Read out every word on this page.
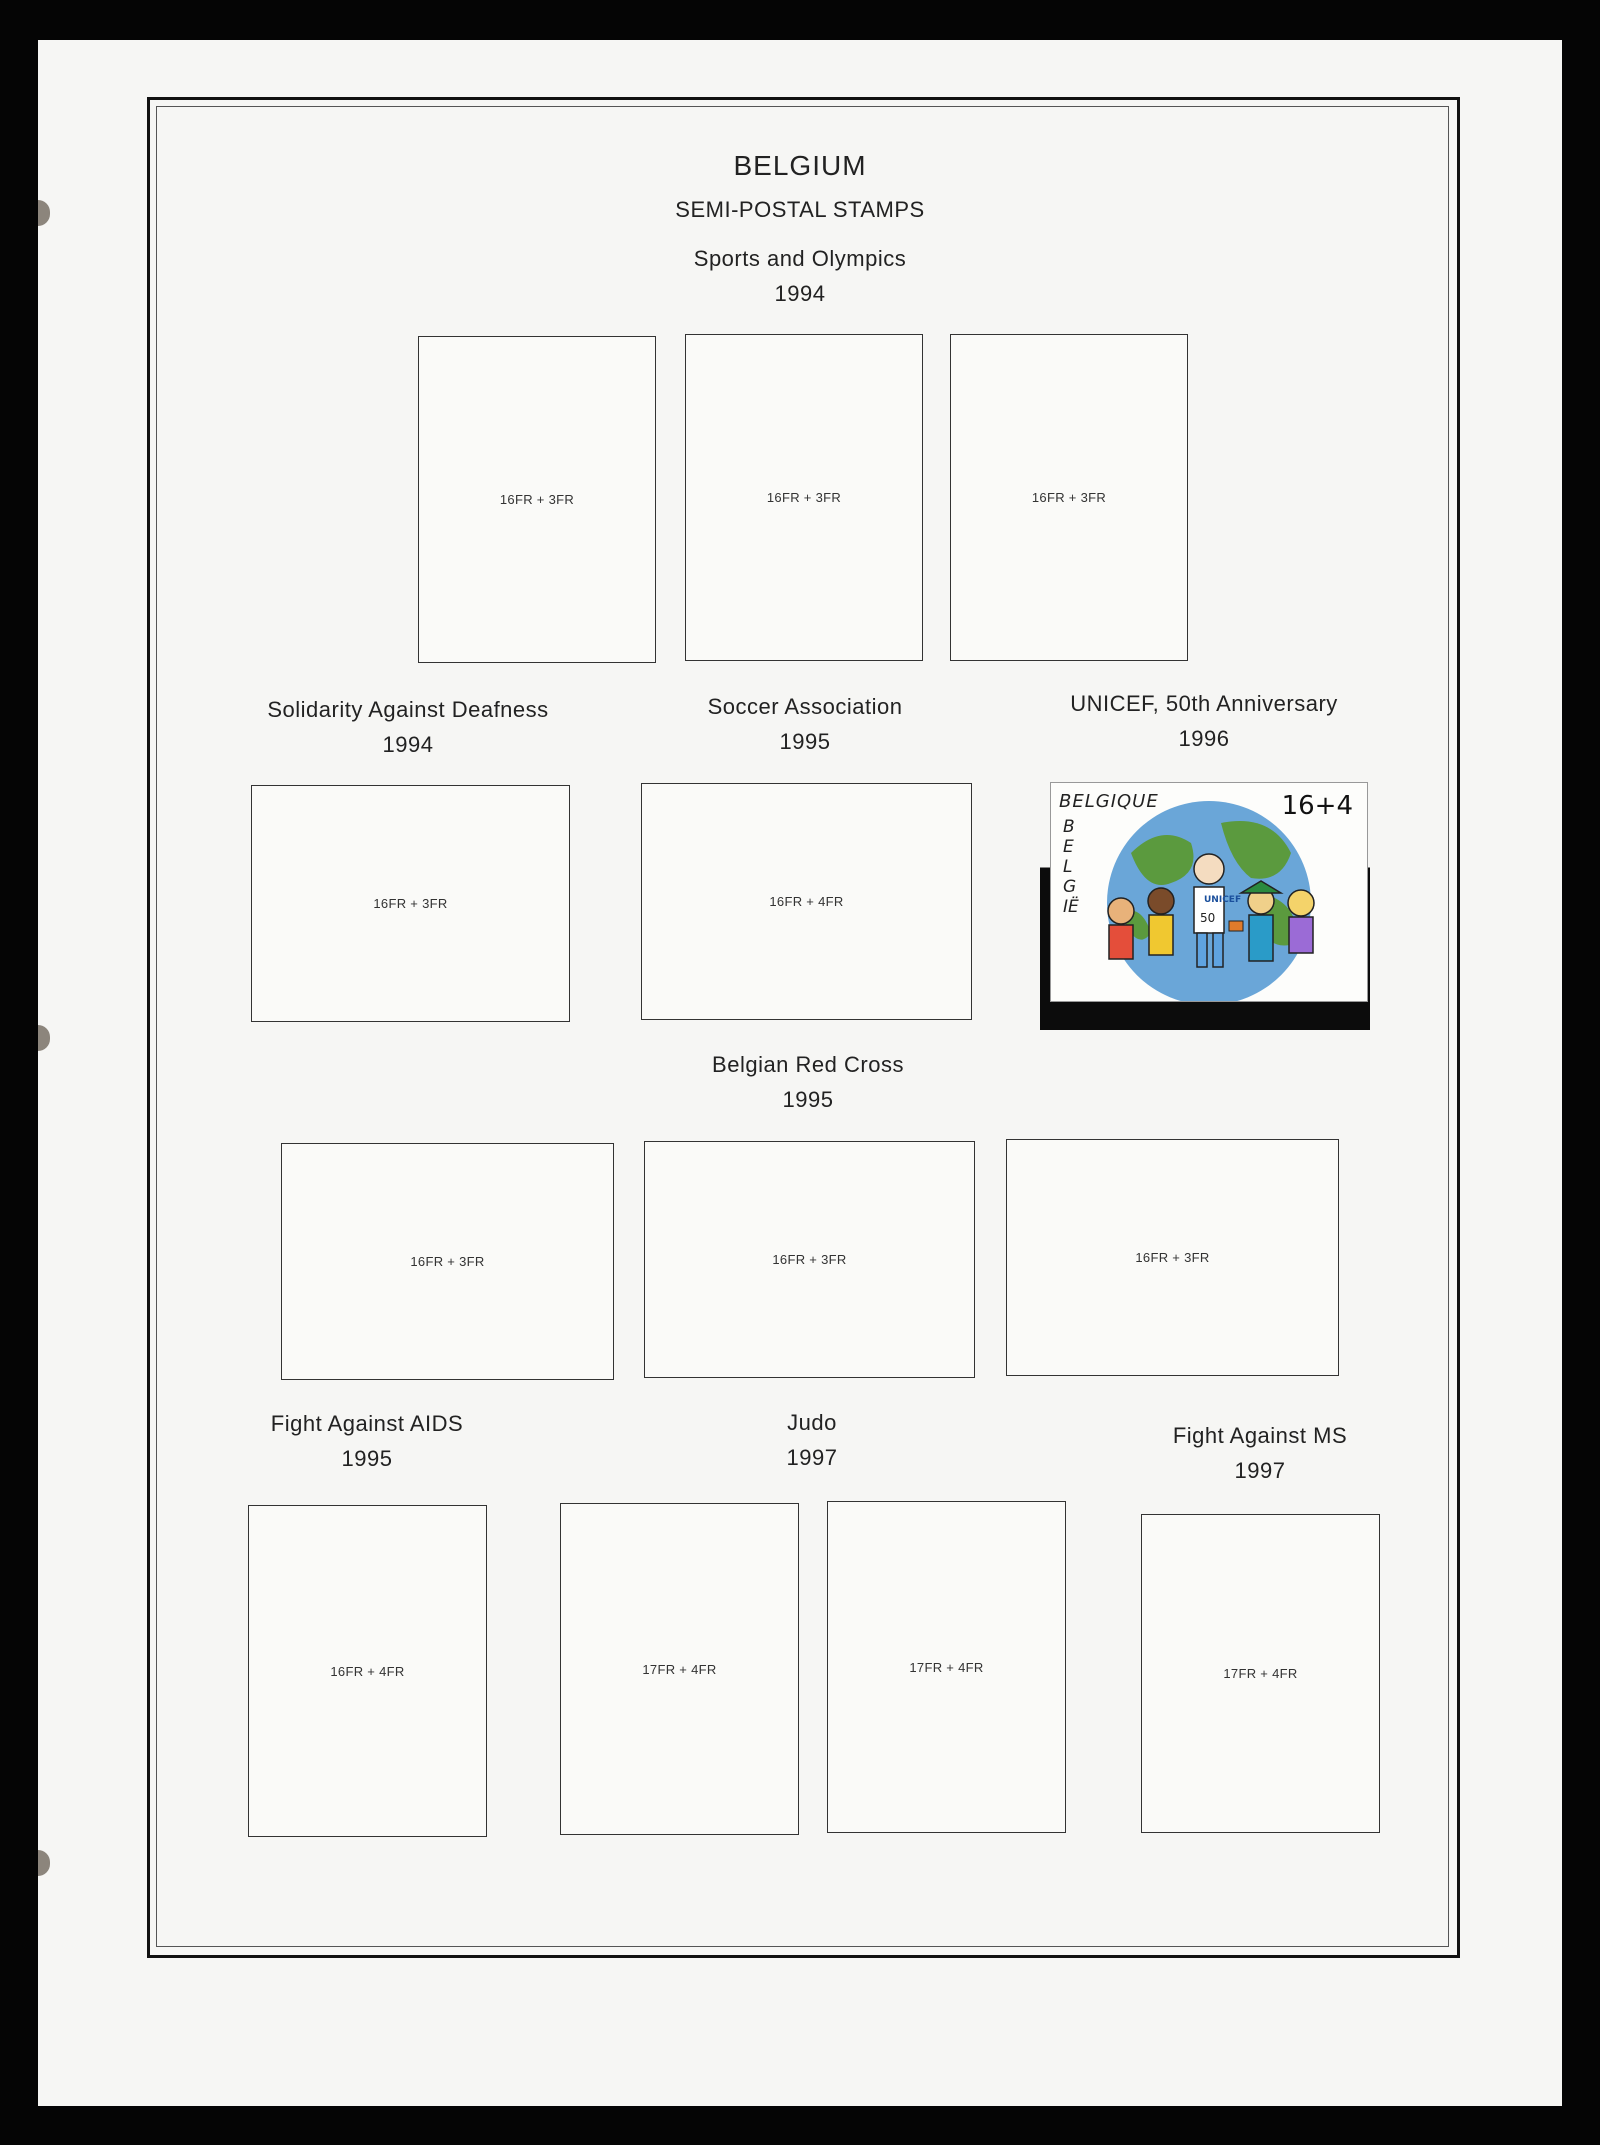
BELGIUM
SEMI-POSTAL STAMPS
Sports and Olympics
1994
16FR + 3FR	16FR + 3FR	16FR + 3FR
Solidarity Against Deafness
1994
Soccer Association
1995
UNICEF, 50th Anniversary
1996
16FR + 3FR	16FR + 4FR
BELGIQUE
BELGIË
16+4
UNICEF
50
Belgian Red Cross
1995
16FR + 3FR	16FR + 3FR	16FR + 3FR
Fight Against AIDS
1995
Judo
1997
Fight Against MS
1997
16FR + 4FR	17FR + 4FR	17FR + 4FR	17FR + 4FR
